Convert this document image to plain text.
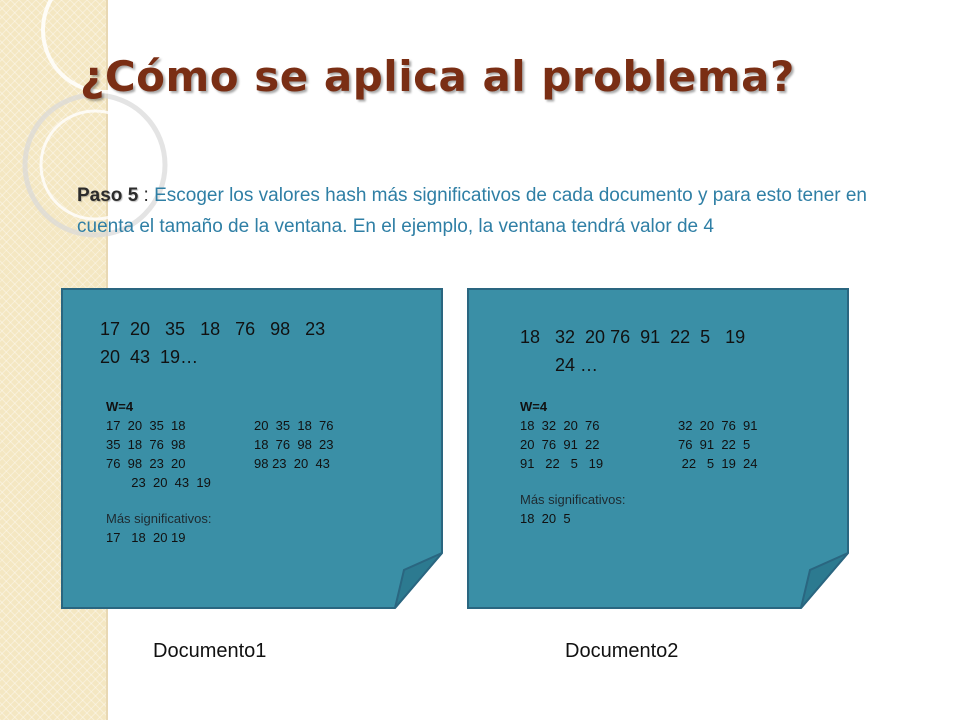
¿Cómo se aplica al problema?
Paso 5 : Escoger los valores hash más significativos de cada documento y para esto tener en cuenta el tamaño de la ventana. En el ejemplo, la ventana tendrá valor de 4
17  20   35   18   76   98   23
20  43  19…
W=4
17  20  35  18	20  35  18  76
35  18  76  98	18  76  98  23
76  98  23  20	98 23  20  43
23  20  43  19
Más significativos:
17   18  20 19
18   32  20 76  91  22  5   19
24 …
W=4
18  32  20  76	32  20  76  91
20  76  91  22	76  91  22  5
91   22   5   19	22   5  19  24
Más significativos:
18  20  5
Documento1	Documento2
